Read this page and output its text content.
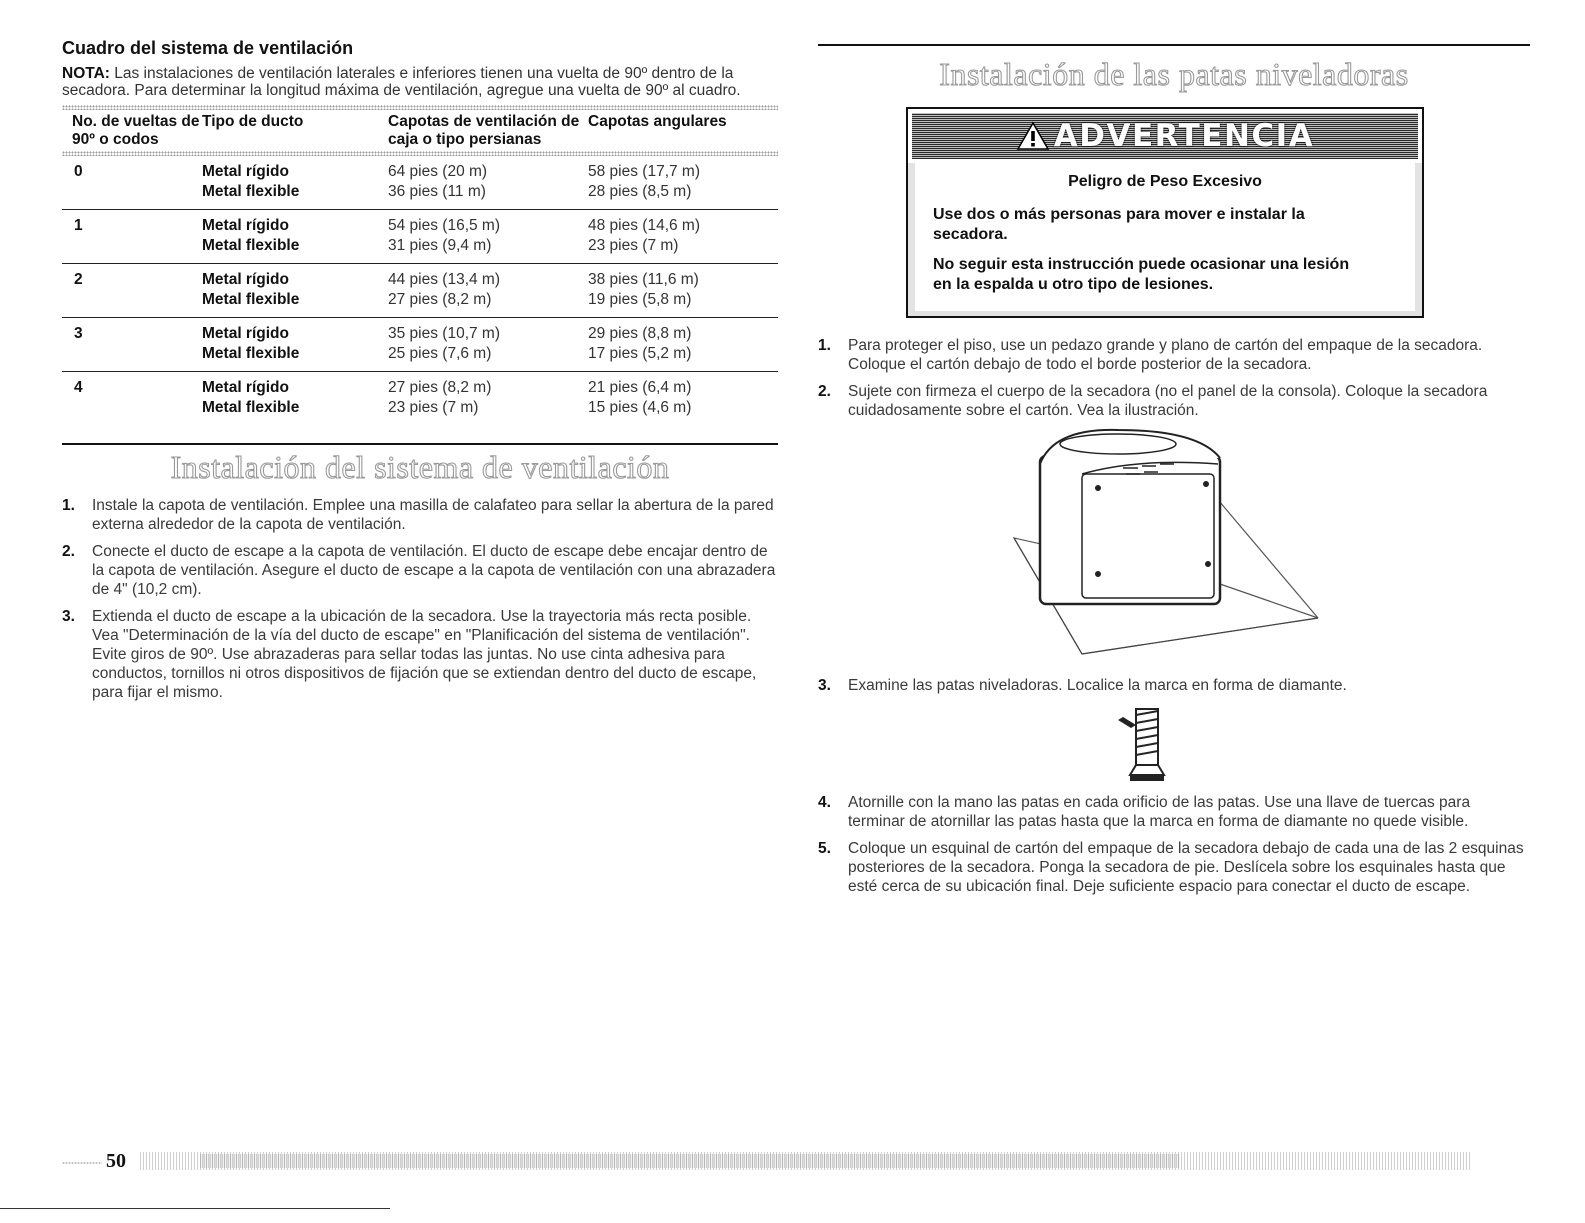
Cuadro del sistema de ventilación

NOTA: Las instalaciones de ventilación laterales e inferiores tienen una vuelta de 90º dentro de la secadora. Para determinar la longitud máxima de ventilación, agregue una vuelta de 90º al cuadro.

No. de vueltas de 90º o codos	Tipo de ducto	Capotas de ventilación de caja o tipo persianas	Capotas angulares

0	Metal rígido	64 pies (20 m)	58 pies (17,7 m)
	Metal flexible	36 pies (11 m)	28 pies (8,5 m)
1	Metal rígido	54 pies (16,5 m)	48 pies (14,6 m)
	Metal flexible	31 pies (9,4 m)	23 pies (7 m)
2	Metal rígido	44 pies (13,4 m)	38 pies (11,6 m)
	Metal flexible	27 pies (8,2 m)	19 pies (5,8 m)
3	Metal rígido	35 pies (10,7 m)	29 pies (8,8 m)
	Metal flexible	25 pies (7,6 m)	17 pies (5,2 m)
4	Metal rígido	27 pies (8,2 m)	21 pies (6,4 m)
	Metal flexible	23 pies (7 m)	15 pies (4,6 m)
Instalación del sistema de ventilación
1. Instale la capota de ventilación. Emplee una masilla de calafateo para sellar la abertura de la pared externa alrededor de la capota de ventilación.
2. Conecte el ducto de escape a la capota de ventilación. El ducto de escape debe encajar dentro de la capota de ventilación. Asegure el ducto de escape a la capota de ventilación con una abrazadera de 4" (10,2 cm).
3. Extienda el ducto de escape a la ubicación de la secadora. Use la trayectoria más recta posible. Vea "Determinación de la vía del ducto de escape" en "Planificación del sistema de ventilación". Evite giros de 90º. Use abrazaderas para sellar todas las juntas. No use cinta adhesiva para conductos, tornillos ni otros dispositivos de fijación que se extiendan dentro del ducto de escape, para fijar el mismo.
Instalación de las patas niveladoras
ADVERTENCIA

Peligro de Peso Excesivo

Use dos o más personas para mover e instalar la secadora.

No seguir esta instrucción puede ocasionar una lesión en la espalda u otro tipo de lesiones.

1. Para proteger el piso, use un pedazo grande y plano de cartón del empaque de la secadora. Coloque el cartón debajo de todo el borde posterior de la secadora.
2. Sujete con firmeza el cuerpo de la secadora (no el panel de la consola). Coloque la secadora cuidadosamente sobre el cartón. Vea la ilustración.
3. Examine las patas niveladoras. Localice la marca en forma de diamante.
4. Atornille con la mano las patas en cada orificio de las patas. Use una llave de tuercas para terminar de atornillar las patas hasta que la marca en forma de diamante no quede visible.
5. Coloque un esquinal de cartón del empaque de la secadora debajo de cada una de las 2 esquinas posteriores de la secadora. Ponga la secadora de pie. Deslícela sobre los esquinales hasta que esté cerca de su ubicación final. Deje suficiente espacio para conectar el ducto de escape.
50
